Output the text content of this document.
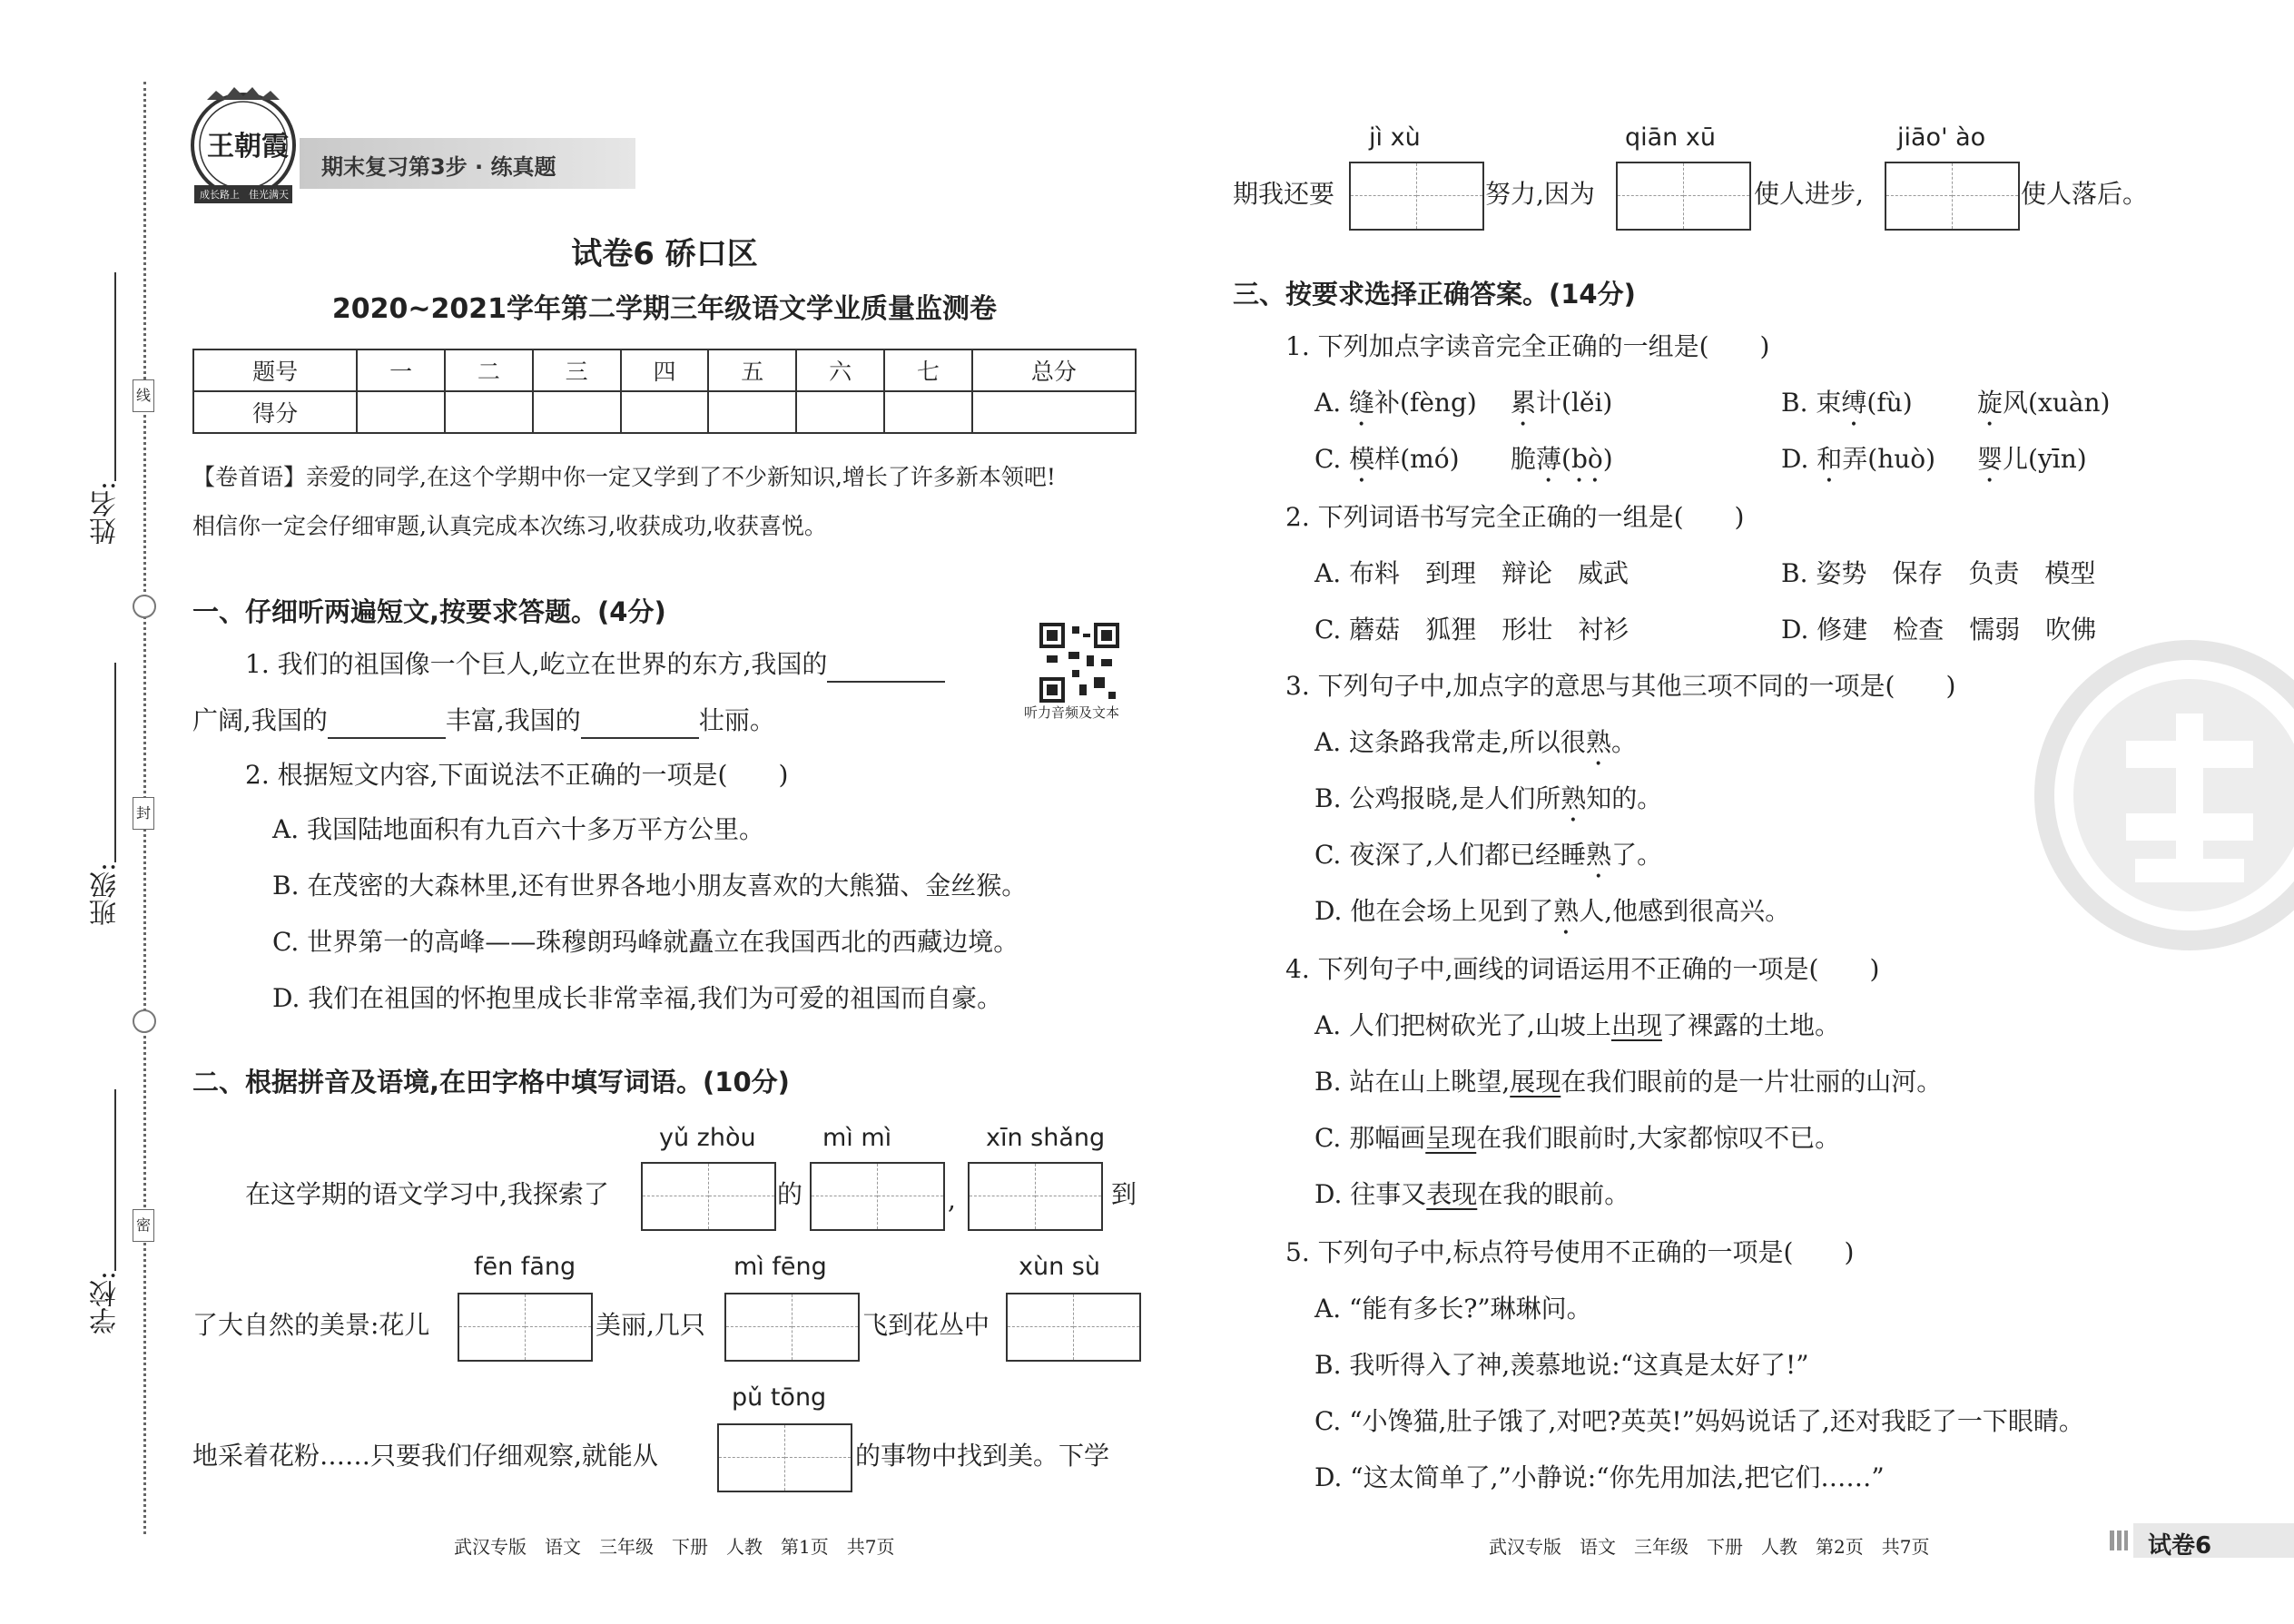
姓名:
班级:
学校:
线
封
密
王朝霞
成长路上 佳光满天
期末复习第3步 · 练真题
试卷6 硚口区
2020~2021学年第二学期三年级语文学业质量监测卷
题号	一	二	三	四	五	六	七	总分
得分								
【卷首语】亲爱的同学,在这个学期中你一定又学到了不少新知识,增长了许多新本领吧!
相信你一定会仔细审题,认真完成本次练习,收获成功,收获喜悦。
一、仔细听两遍短文,按要求答题。(4分)
1. 我们的祖国像一个巨人,屹立在世界的东方,我国的
广阔,我国的	丰富,我国的	壮丽。	听力音频及文本
2. 根据短文内容,下面说法不正确的一项是(　　)
A. 我国陆地面积有九百六十多万平方公里。
B. 在茂密的大森林里,还有世界各地小朋友喜欢的大熊猫、金丝猴。
C. 世界第一的高峰——珠穆朗玛峰就矗立在我国西北的西藏边境。
D. 我们在祖国的怀抱里成长非常幸福,我们为可爱的祖国而自豪。
二、根据拼音及语境,在田字格中填写词语。(10分)
yǔ zhòu	mì mì	xīn shǎng
在这学期的语文学习中,我探索了	的	,	到
fēn fāng	mì fēng	xùn sù
了大自然的美景:花儿	美丽,几只	飞到花丛中
pǔ tōng
地采着花粉……只要我们仔细观察,就能从	的事物中找到美。下学
jì xù	qiān xū	jiāo' ào
期我还要	努力,因为	使人进步,	使人落后。
三、按要求选择正确答案。(14分)
1. 下列加点字读音完全正确的一组是(　　)
A. 缝补(fèng) 累计(lěi)	B. 束缚(fù)	旋风(xuàn)
C. 模样(mó) 脆薄(bò)	D. 和弄(huò) 婴儿(yīn)
2. 下列词语书写完全正确的一组是(　　)
A. 布料　到理　辩论　威武	B. 姿势　保存　负责　模型
C. 蘑菇　狐狸　形壮　衬衫	D. 修建　检查　懦弱　吹佛
3. 下列句子中,加点字的意思与其他三项不同的一项是(　　)
A. 这条路我常走,所以很熟。
B. 公鸡报晓,是人们所熟知的。
C. 夜深了,人们都已经睡熟了。
D. 他在会场上见到了熟人,他感到很高兴。
4. 下列句子中,画线的词语运用不正确的一项是(　　)
A. 人们把树砍光了,山坡上出现了裸露的土地。
B. 站在山上眺望,展现在我们眼前的是一片壮丽的山河。
C. 那幅画呈现在我们眼前时,大家都惊叹不已。
D. 往事又表现在我的眼前。
5. 下列句子中,标点符号使用不正确的一项是(　　)
A. “能有多长?”琳琳问。
B. 我听得入了神,羡慕地说:“这真是太好了!”
C. “小馋猫,肚子饿了,对吧?英英!”妈妈说话了,还对我眨了一下眼睛。
D. “这太简单了,”小静说:“你先用加法,把它们……”
武汉专版　语文　三年级　下册　人教　第1页　共7页	武汉专版　语文　三年级　下册　人教　第2页　共7页	试卷6
